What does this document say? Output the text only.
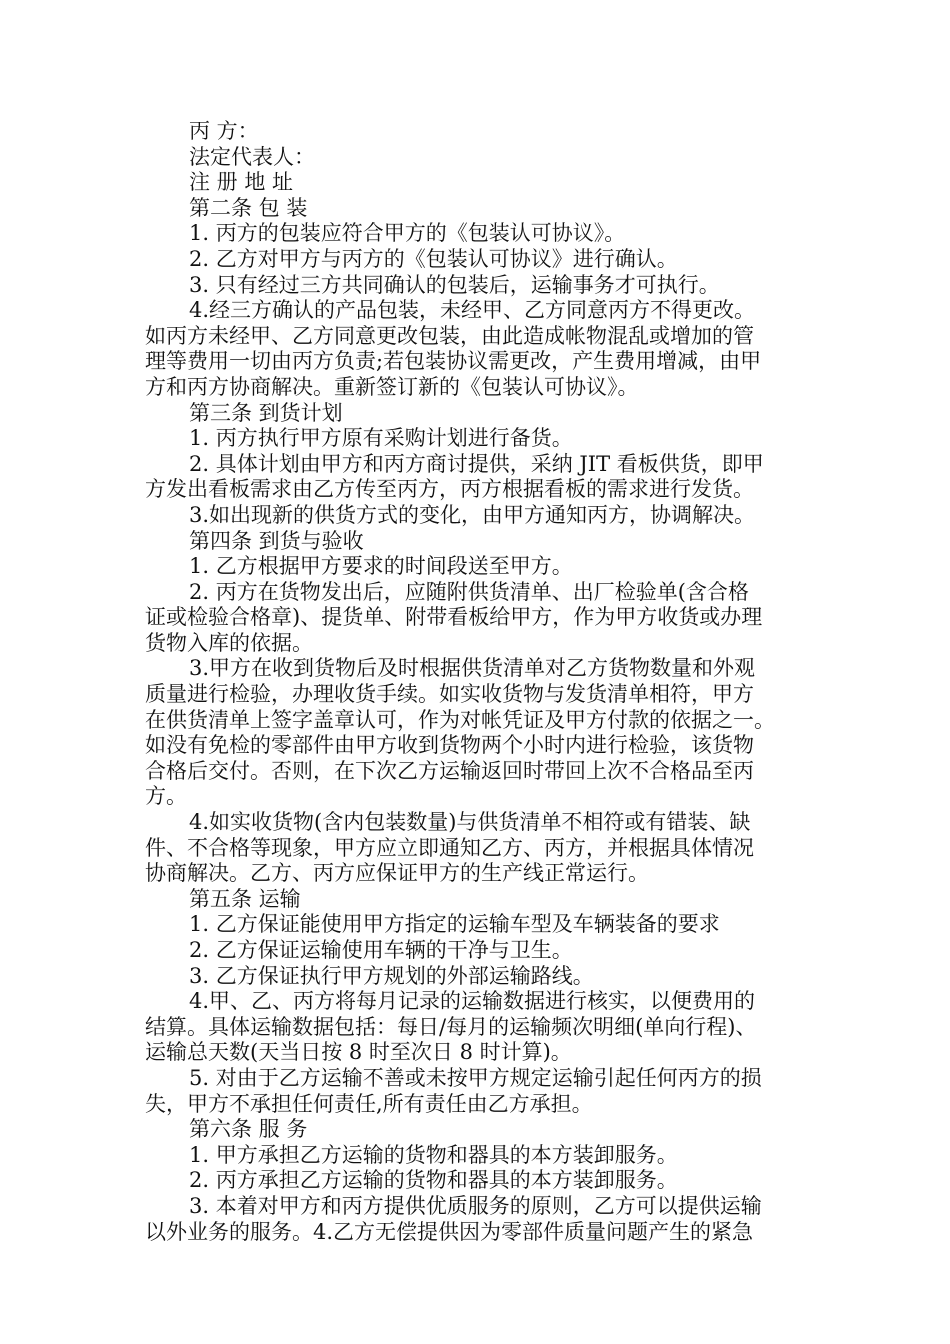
丙 方：
法定代表人：
注 册 地 址
第二条 包 装
1. 丙方的包装应符合甲方的《包装认可协议》。
2. 乙方对甲方与丙方的《包装认可协议》进行确认。
3. 只有经过三方共同确认的包装后，运输事务才可执行。
4.经三方确认的产品包装，未经甲、乙方同意丙方不得更改。
如丙方未经甲、乙方同意更改包装，由此造成帐物混乱或增加的管
理等费用一切由丙方负责;若包装协议需更改，产生费用增减，由甲
方和丙方协商解决。重新签订新的《包装认可协议》。
第三条 到货计划
1. 丙方执行甲方原有采购计划进行备货。
2. 具体计划由甲方和丙方商讨提供，采纳 JIT 看板供货，即甲
方发出看板需求由乙方传至丙方，丙方根据看板的需求进行发货。
3.如出现新的供货方式的变化，由甲方通知丙方，协调解决。
第四条 到货与验收
1. 乙方根据甲方要求的时间段送至甲方。
2. 丙方在货物发出后，应随附供货清单、出厂检验单(含合格
证或检验合格章)、提货单、附带看板给甲方，作为甲方收货或办理
货物入库的依据。
3.甲方在收到货物后及时根据供货清单对乙方货物数量和外观
质量进行检验，办理收货手续。如实收货物与发货清单相符，甲方
在供货清单上签字盖章认可，作为对帐凭证及甲方付款的依据之一。
如没有免检的零部件由甲方收到货物两个小时内进行检验，该货物
合格后交付。否则，在下次乙方运输返回时带回上次不合格品至丙
方。
4.如实收货物(含内包装数量)与供货清单不相符或有错装、缺
件、不合格等现象，甲方应立即通知乙方、丙方，并根据具体情况
协商解决。乙方、丙方应保证甲方的生产线正常运行。
第五条 运输
1. 乙方保证能使用甲方指定的运输车型及车辆装备的要求
2. 乙方保证运输使用车辆的干净与卫生。
3. 乙方保证执行甲方规划的外部运输路线。
4.甲、乙、丙方将每月记录的运输数据进行核实，以便费用的
结算。具体运输数据包括：每日/每月的运输频次明细(单向行程)、
运输总天数(天当日按 8 时至次日 8 时计算)。
5. 对由于乙方运输不善或未按甲方规定运输引起任何丙方的损
失，甲方不承担任何责任,所有责任由乙方承担。
第六条 服 务
1. 甲方承担乙方运输的货物和器具的本方装卸服务。
2. 丙方承担乙方运输的货物和器具的本方装卸服务。
3. 本着对甲方和丙方提供优质服务的原则，乙方可以提供运输
以外业务的服务。4.乙方无偿提供因为零部件质量问题产生的紧急
